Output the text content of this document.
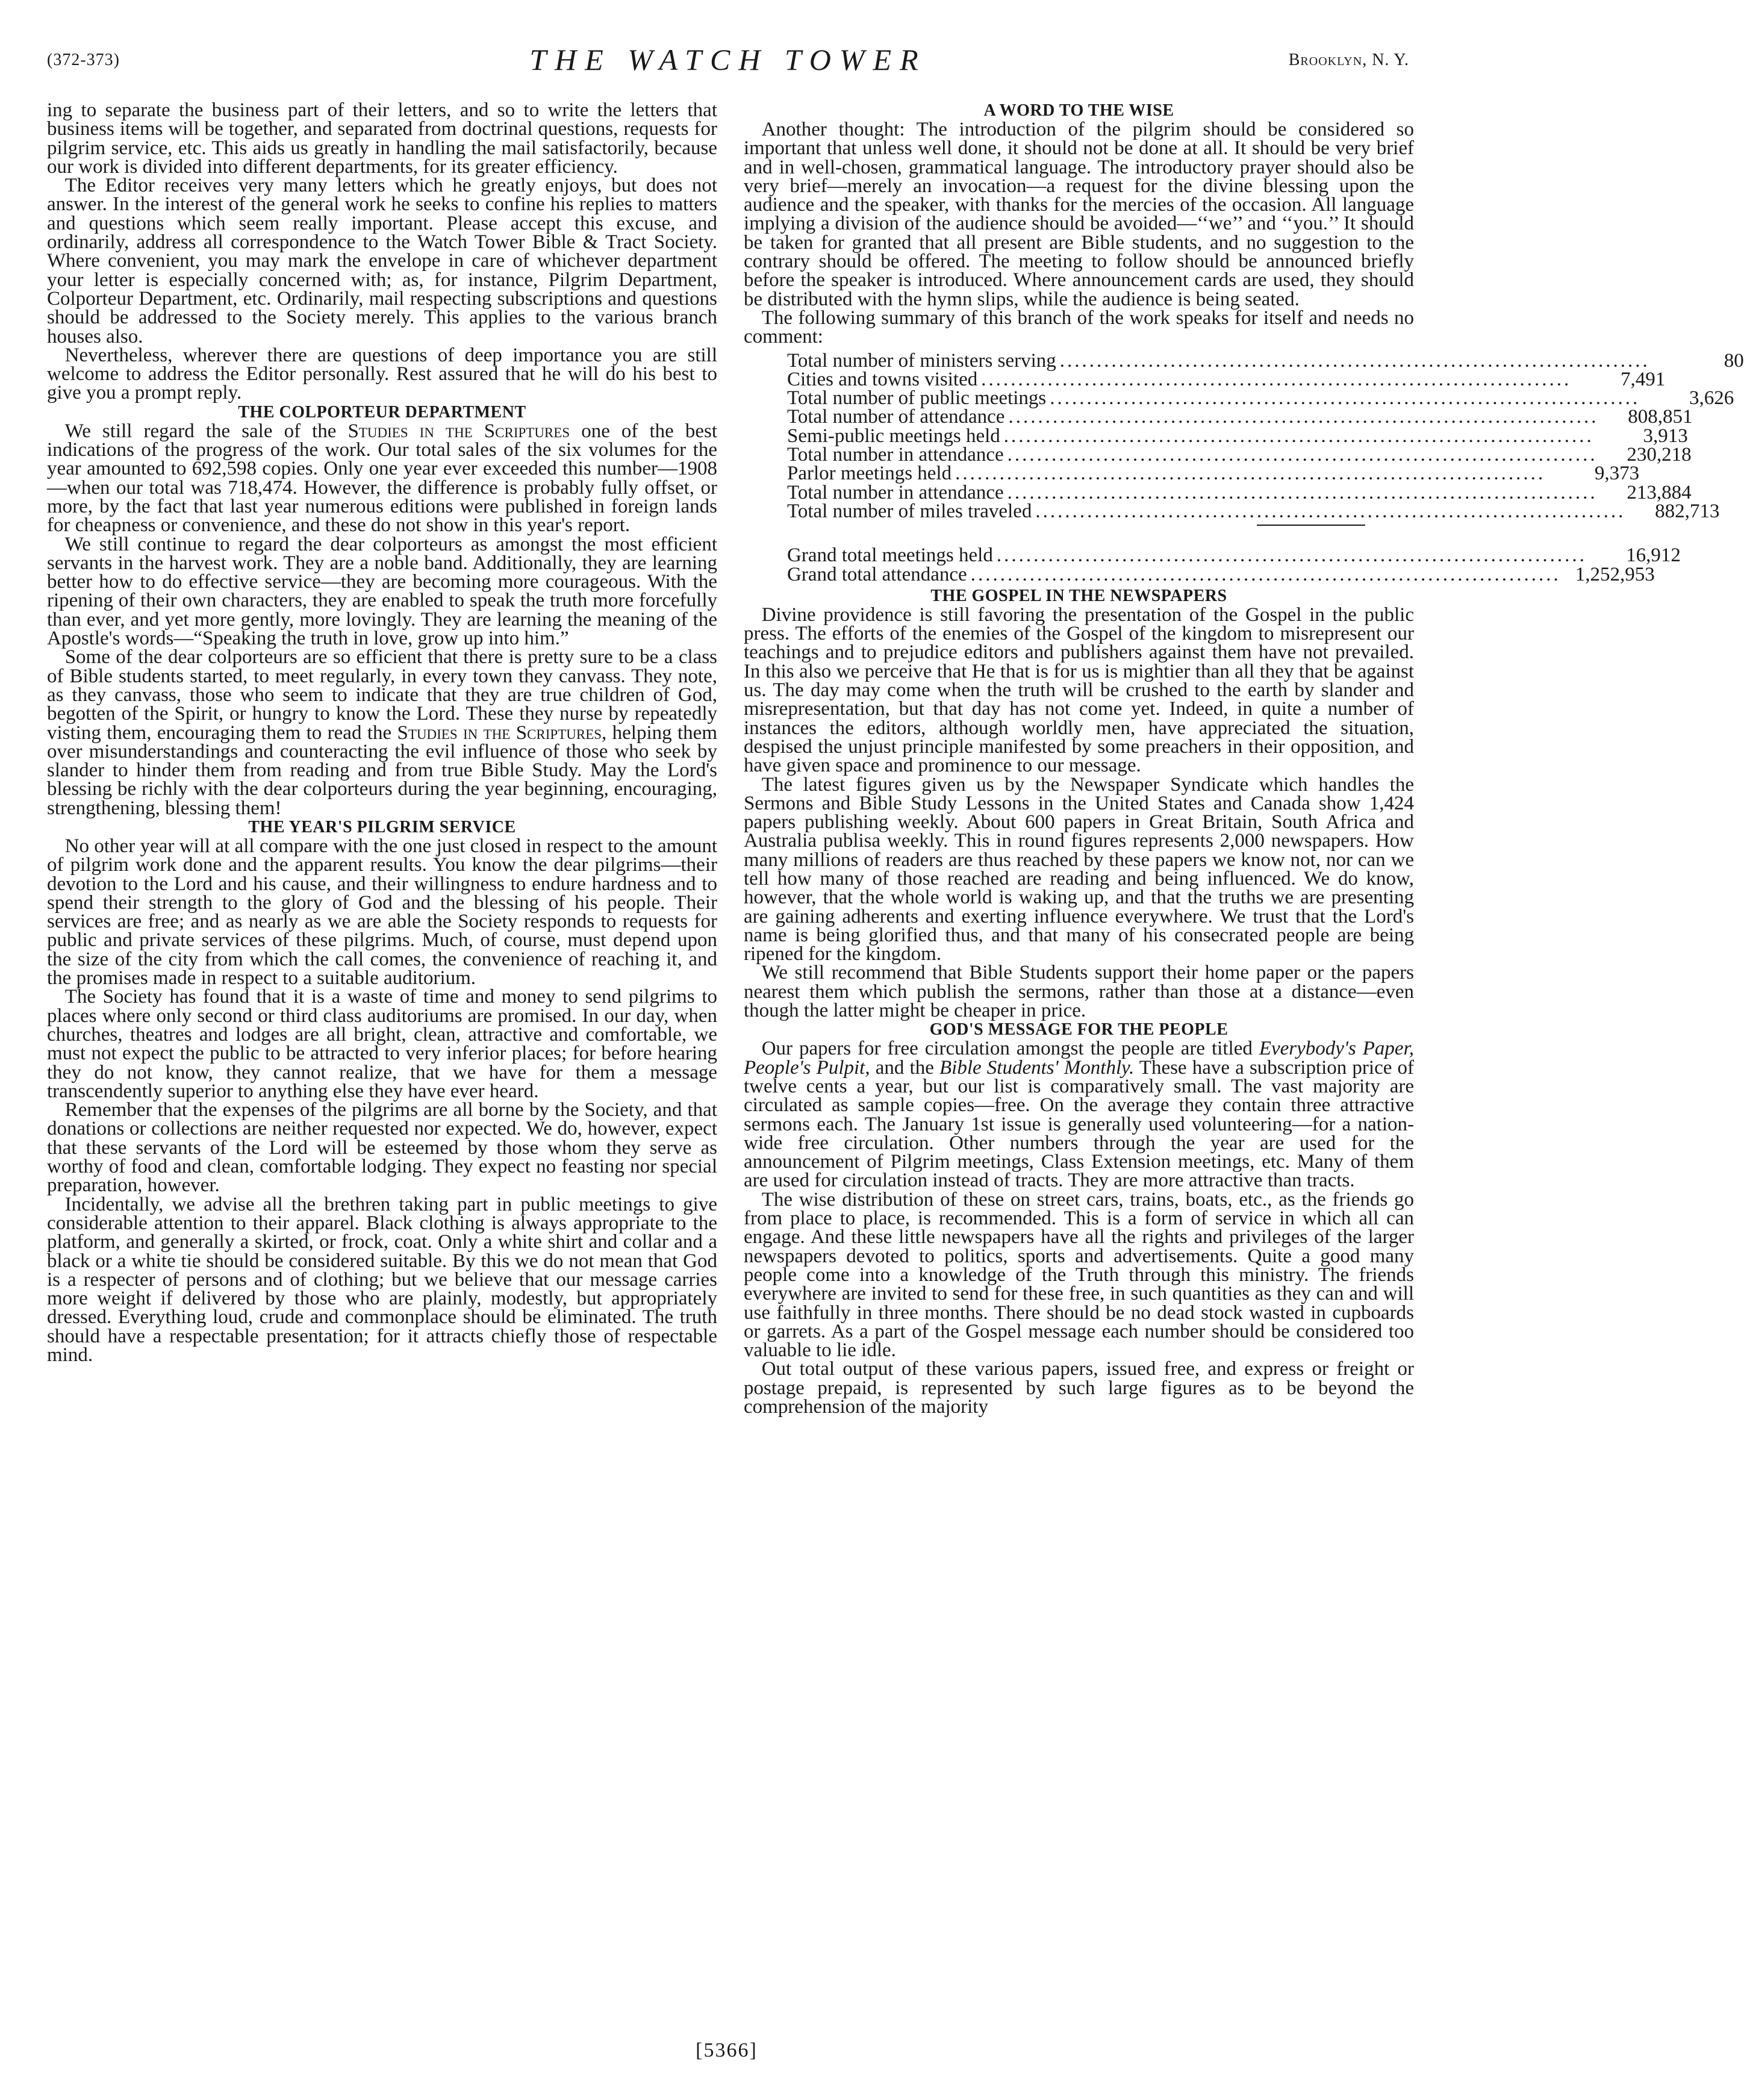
(372-373)	THE WATCH TOWER	Brooklyn, N. Y.

ing to separate the business part of their letters, and so to write the letters that business items will be together, and separated from doctrinal questions, requests for pilgrim service, etc. This aids us greatly in handling the mail satisfactorily, because our work is divided into different departments, for its greater efficiency.

The Editor receives very many letters which he greatly enjoys, but does not answer. In the interest of the general work he seeks to confine his replies to matters and questions which seem really important. Please accept this excuse, and ordinarily, address all correspondence to the Watch Tower Bible & Tract Society. Where convenient, you may mark the envelope in care of whichever department your letter is especially concerned with; as, for instance, Pilgrim Department, Colporteur Department, etc. Ordinarily, mail respecting subscriptions and questions should be addressed to the Society merely. This applies to the various branch houses also.

Nevertheless, wherever there are questions of deep importance you are still welcome to address the Editor personally. Rest assured that he will do his best to give you a prompt reply.

THE COLPORTEUR DEPARTMENT

We still regard the sale of the Studies in the Scriptures one of the best indications of the progress of the work. Our total sales of the six volumes for the year amounted to 692,598 copies. Only one year ever exceeded this number—1908—when our total was 718,474. However, the difference is probably fully offset, or more, by the fact that last year numerous editions were published in foreign lands for cheapness or convenience, and these do not show in this year's report.

We still continue to regard the dear colporteurs as amongst the most efficient servants in the harvest work. They are a noble band. Additionally, they are learning better how to do effective service—they are becoming more courageous. With the ripening of their own characters, they are enabled to speak the truth more forcefully than ever, and yet more gently, more lovingly. They are learning the meaning of the Apostle's words—“Speaking the truth in love, grow up into him.”

Some of the dear colporteurs are so efficient that there is pretty sure to be a class of Bible students started, to meet regularly, in every town they canvass. They note, as they canvass, those who seem to indicate that they are true children of God, begotten of the Spirit, or hungry to know the Lord. These they nurse by repeatedly visting them, encouraging them to read the Studies in the Scriptures, helping them over misunderstandings and counteracting the evil influence of those who seek by slander to hinder them from reading and from true Bible Study. May the Lord's blessing be richly with the dear colporteurs during the year beginning, encouraging, strengthening, blessing them!

THE YEAR'S PILGRIM SERVICE

No other year will at all compare with the one just closed in respect to the amount of pilgrim work done and the apparent results. You know the dear pilgrims—their devotion to the Lord and his cause, and their willingness to endure hardness and to spend their strength to the glory of God and the blessing of his people. Their services are free; and as nearly as we are able the Society responds to requests for public and private services of these pilgrims. Much, of course, must depend upon the size of the city from which the call comes, the convenience of reaching it, and the promises made in respect to a suitable auditorium.

The Society has found that it is a waste of time and money to send pilgrims to places where only second or third class auditoriums are promised. In our day, when churches, theatres and lodges are all bright, clean, attractive and comfortable, we must not expect the public to be attracted to very inferior places; for before hearing they do not know, they cannot realize, that we have for them a message transcendently superior to anything else they have ever heard.

Remember that the expenses of the pilgrims are all borne by the Society, and that donations or collections are neither requested nor expected. We do, however, expect that these servants of the Lord will be esteemed by those whom they serve as worthy of food and clean, comfortable lodging. They expect no feasting nor special preparation, however.

Incidentally, we advise all the brethren taking part in public meetings to give considerable attention to their apparel. Black clothing is always appropriate to the platform, and generally a skirted, or frock, coat. Only a white shirt and collar and a black or a white tie should be considered suitable. By this we do not mean that God is a respecter of persons and of clothing; but we believe that our message carries more weight if delivered by those who are plainly, modestly, but appropriately dressed. Everything loud, crude and commonplace should be eliminated. The truth should have a respectable presentation; for it attracts chiefly those of respectable mind.

A WORD TO THE WISE

Another thought: The introduction of the pilgrim should be considered so important that unless well done, it should not be done at all. It should be very brief and in well-chosen, grammatical language. The introductory prayer should also be very brief—merely an invocation—a request for the divine blessing upon the audience and the speaker, with thanks for the mercies of the occasion. All language implying a division of the audience should be avoided—‘‘we’’ and ‘‘you.’’ It should be taken for granted that all present are Bible students, and no suggestion to the contrary should be offered. The meeting to follow should be announced briefly before the speaker is introduced. Where announcement cards are used, they should be distributed with the hymn slips, while the audience is being seated.

The following summary of this branch of the work speaks for itself and needs no comment:

Total number of ministers serving ................................................................................	80
Cities and towns visited ................................................................................	7,491
Total number of public meetings ................................................................................	3,626
Total number of attendance ................................................................................	808,851
Semi-public meetings held ................................................................................	3,913
Total number in attendance ................................................................................	230,218
Parlor meetings held ................................................................................	9,373
Total number in attendance ................................................................................	213,884
Total number of miles traveled ................................................................................	882,713
Grand total meetings held ................................................................................	16,912
Grand total attendance ................................................................................ 1,252,953
THE GOSPEL IN THE NEWSPAPERS

Divine providence is still favoring the presentation of the Gospel in the public press. The efforts of the enemies of the Gospel of the kingdom to misrepresent our teachings and to prejudice editors and publishers against them have not prevailed. In this also we perceive that He that is for us is mightier than all they that be against us. The day may come when the truth will be crushed to the earth by slander and misrepresentation, but that day has not come yet. Indeed, in quite a number of instances the editors, although worldly men, have appreciated the situation, despised the unjust principle manifested by some preachers in their opposition, and have given space and prominence to our message.

The latest figures given us by the Newspaper Syndicate which handles the Sermons and Bible Study Lessons in the United States and Canada show 1,424 papers publishing weekly. About 600 papers in Great Britain, South Africa and Australia publisa weekly. This in round figures represents 2,000 newspapers. How many millions of readers are thus reached by these papers we know not, nor can we tell how many of those reached are reading and being influenced. We do know, however, that the whole world is waking up, and that the truths we are presenting are gaining adherents and exerting influence everywhere. We trust that the Lord's name is being glorified thus, and that many of his consecrated people are being ripened for the kingdom.

We still recommend that Bible Students support their home paper or the papers nearest them which publish the sermons, rather than those at a distance—even though the latter might be cheaper in price.

GOD'S MESSAGE FOR THE PEOPLE

Our papers for free circulation amongst the people are titled Everybody's Paper, People's Pulpit, and the Bible Students' Monthly. These have a subscription price of twelve cents a year, but our list is comparatively small. The vast majority are circulated as sample copies—free. On the average they contain three attractive sermons each. The January 1st issue is generally used volunteering—for a nation-wide free circulation. Other numbers through the year are used for the announcement of Pilgrim meetings, Class Extension meetings, etc. Many of them are used for circulation instead of tracts. They are more attractive than tracts.

The wise distribution of these on street cars, trains, boats, etc., as the friends go from place to place, is recommended. This is a form of service in which all can engage. And these little newspapers have all the rights and privileges of the larger newspapers devoted to politics, sports and advertisements. Quite a good many people come into a knowledge of the Truth through this ministry. The friends everywhere are invited to send for these free, in such quantities as they can and will use faithfully in three months. There should be no dead stock wasted in cupboards or garrets. As a part of the Gospel message each number should be considered too valuable to lie idle.

Out total output of these various papers, issued free, and express or freight or postage prepaid, is represented by such large figures as to be beyond the comprehension of the majority

[5366]
